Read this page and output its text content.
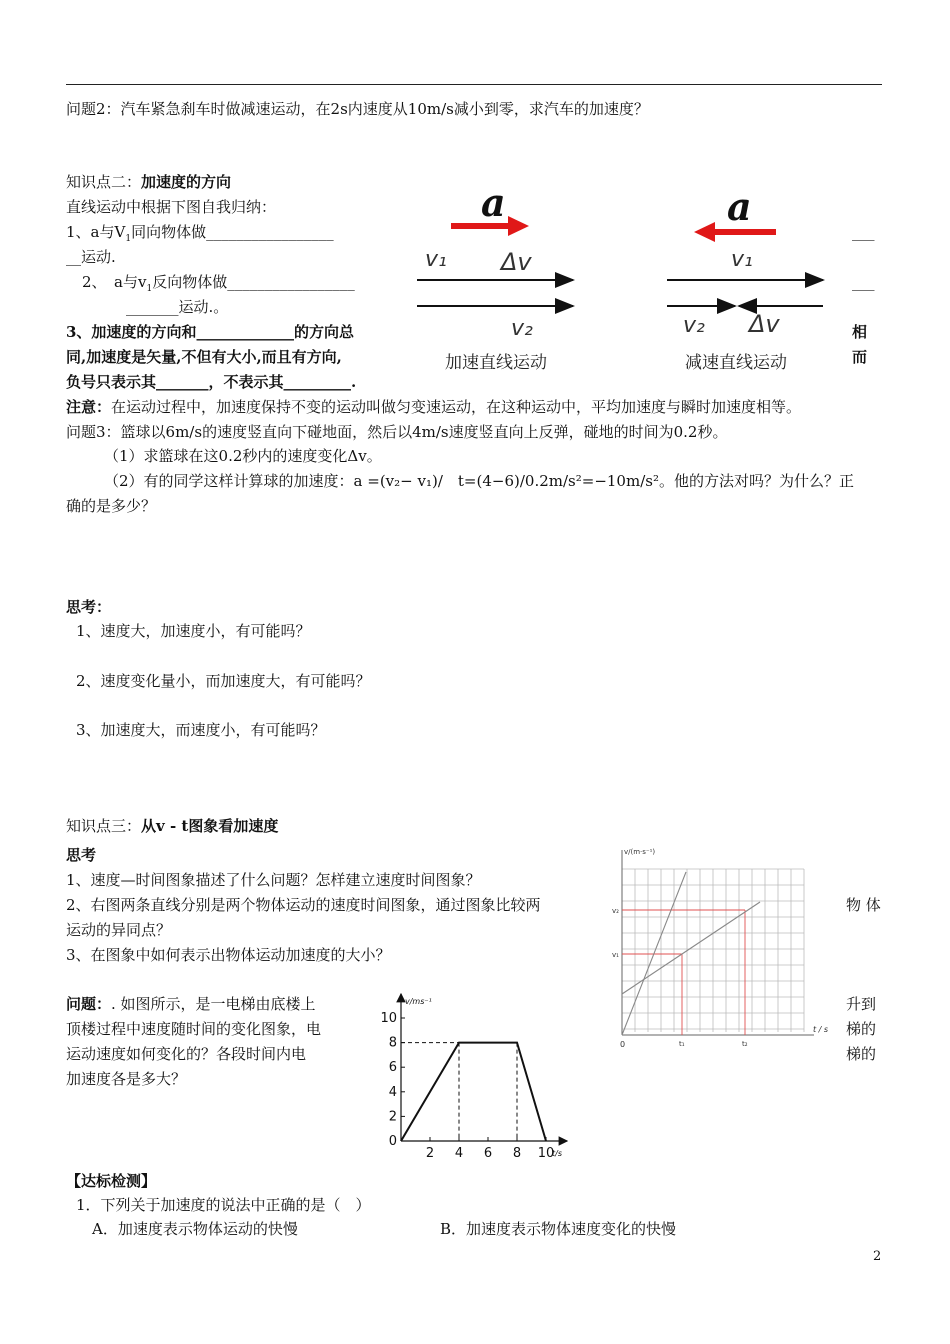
问题2：汽车紧急刹车时做减速运动，在2s内速度从10m/s减小到零，求汽车的加速度？
知识点二：加速度的方向
直线运动中根据下图自我归纳：
1、a与$V_1$同向物体做_________________	___
__运动.
2、　a与$v_1$反向物体做_________________	___
_______运动.。
3、加速度的方向和_____________的方向总	相
同,加速度是矢量,不但有大小,而且有方向,	而
负号只表示其_______，不表示其_________.
a
v₁ Δv
v₂
加速直线运动
a
v₁
v₂ Δv
减速直线运动
注意：在运动过程中，加速度保持不变的运动叫做匀变速运动，在这种运动中，平均加速度与瞬时加速度相等。
问题3：篮球以6m/s的速度竖直向下碰地面，然后以4m/s速度竖直向上反弹，碰地的时间为0.2秒。
（1）求篮球在这0.2秒内的速度变化Δv。
（2）有的同学这样计算球的加速度：a =(v₂− v₁)/　t=(4−6)/0.2m/s²=−10m/s²。他的方法对吗？为什么？正
确的是多少？
思考：
1、速度大，加速度小，有可能吗？
2、速度变化量小，而加速度大，有可能吗？
3、加速度大，而速度小，有可能吗？
知识点三：从v - t图象看加速度
思考
1、速度—时间图象描述了什么问题？怎样建立速度时间图象？
2、右图两条直线分别是两个物体运动的速度时间图象，通过图象比较两	物 体
运动的异同点？
3、在图象中如何表示出物体运动加速度的大小？
v/(m·s⁻¹)
t / s
0
v₂
v₁
t₁	t₂
问题：. 如图所示，是一电梯由底楼上	升到
顶楼过程中速度随时间的变化图象，电	梯的
运动速度如何变化的？各段时间内电	梯的
加速度各是多大？
v/ms⁻¹
t/s
0
2
4
6
8
10
2 4 6 8 10
【达标检测】
1．下列关于加速度的说法中正确的是（　）
A．加速度表示物体运动的快慢	B．加速度表示物体速度变化的快慢
2
